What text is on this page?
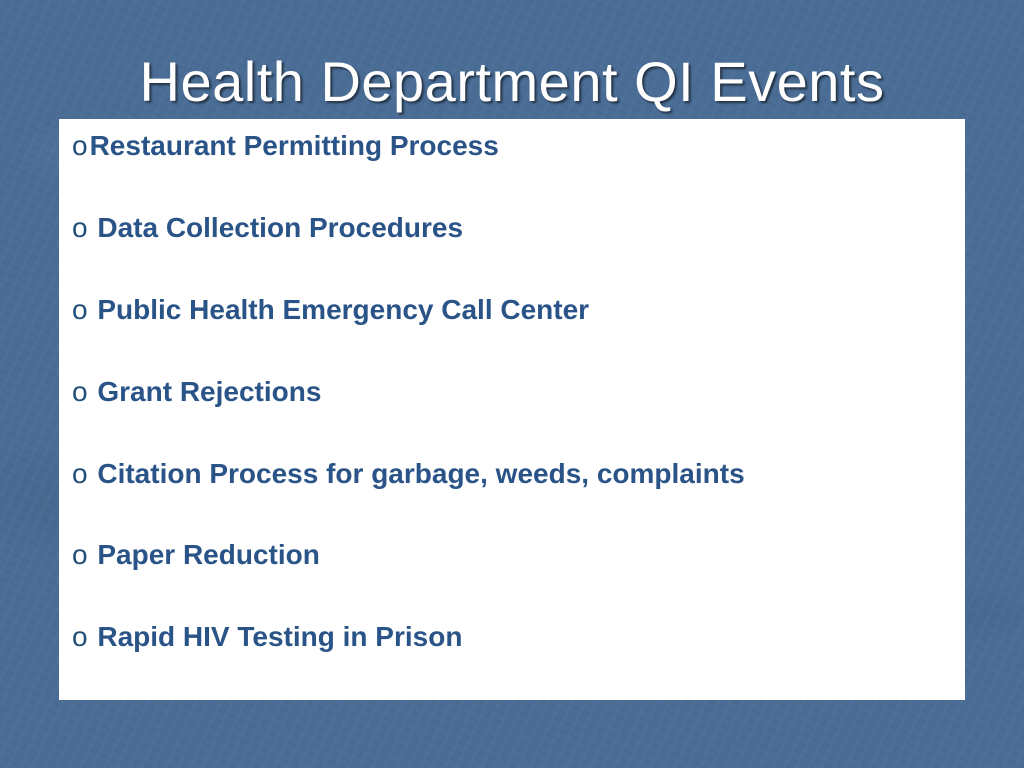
Health Department QI Events
oRestaurant Permitting Process
o Data Collection Procedures
o Public Health Emergency Call Center
o Grant Rejections
o Citation Process for garbage, weeds, complaints
o Paper Reduction
o Rapid HIV Testing in Prison
